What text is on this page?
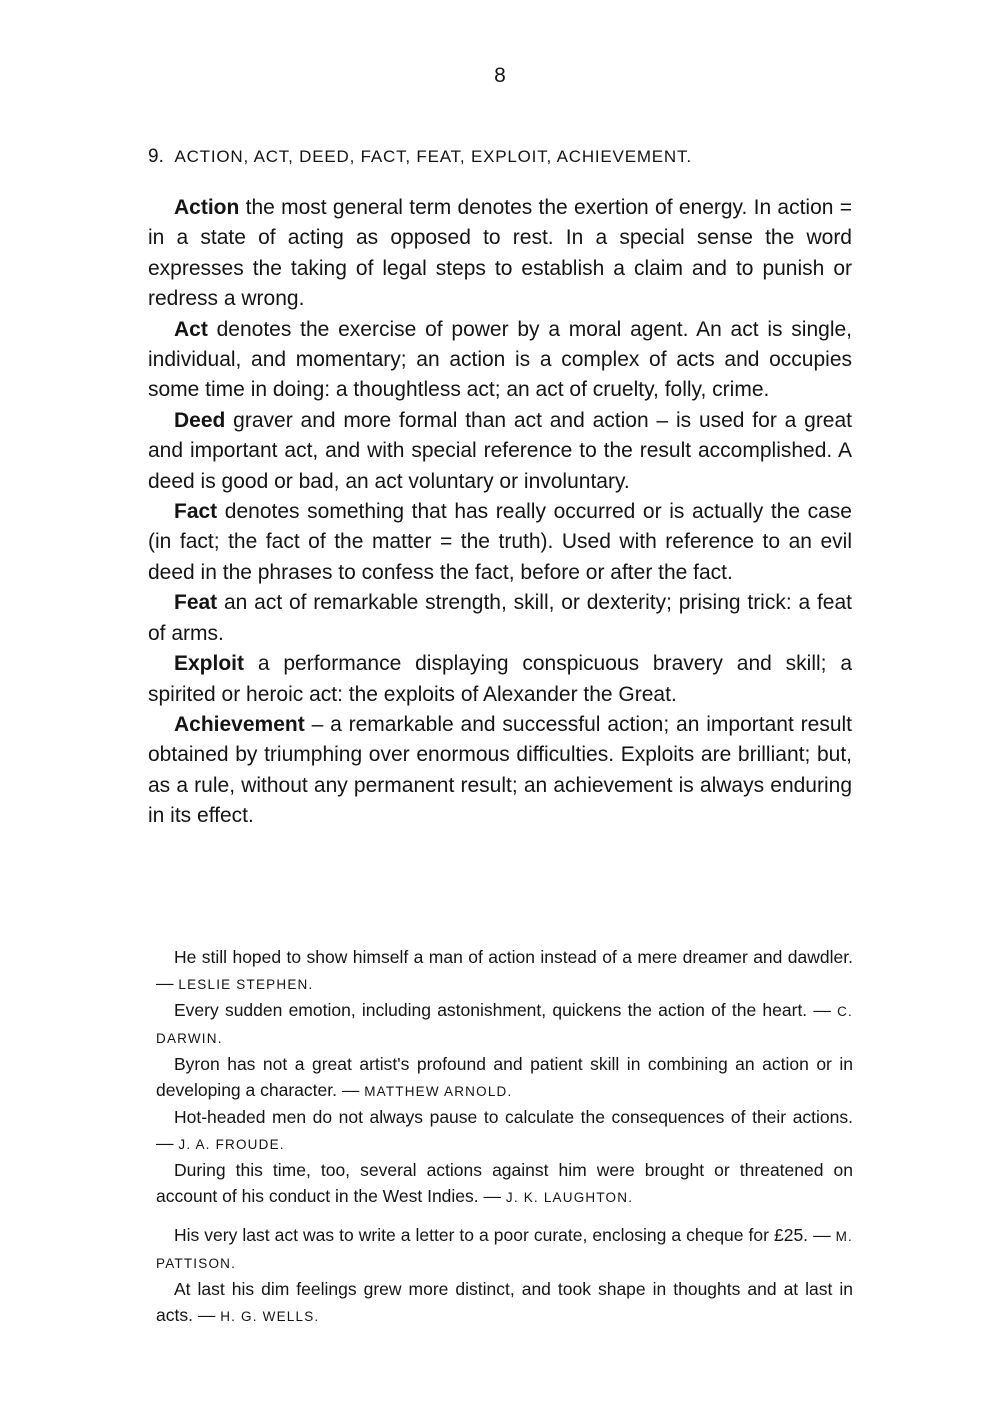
8
9. ACTION, ACT, DEED, FACT, FEAT, EXPLOIT, ACHIEVEMENT.

Action the most general term denotes the exertion of energy. In action = in a state of acting as opposed to rest. In a special sense the word expresses the taking of legal steps to establish a claim and to punish or redress a wrong.

Act denotes the exercise of power by a moral agent. An act is single, individual, and momentary; an action is a complex of acts and occupies some time in doing: a thoughtless act; an act of cruelty, folly, crime.

Deed graver and more formal than act and action – is used for a great and important act, and with special reference to the result accomplished. A deed is good or bad, an act voluntary or involuntary.

Fact denotes something that has really occurred or is actually the case (in fact; the fact of the matter = the truth). Used with reference to an evil deed in the phrases to confess the fact, before or after the fact.

Feat an act of remarkable strength, skill, or dexterity; prising trick: a feat of arms.

Exploit a performance displaying conspicuous bravery and skill; a spirited or heroic act: the exploits of Alexander the Great.

Achievement – a remarkable and successful action; an important result obtained by triumphing over enormous difficulties. Exploits are brilliant; but, as a rule, without any permanent result; an achievement is always enduring in its effect.

He still hoped to show himself a man of action instead of a mere dreamer and dawdler. — LESLIE STEPHEN.

Every sudden emotion, including astonishment, quickens the action of the heart. — C. DARWIN.

Byron has not a great artist's profound and patient skill in combining an action or in developing a character. — MATTHEW ARNOLD.

Hot-headed men do not always pause to calculate the consequences of their actions. — J. A. FROUDE.

During this time, too, several actions against him were brought or threatened on account of his conduct in the West Indies. — J. K. LAUGHTON.

His very last act was to write a letter to a poor curate, enclosing a cheque for £25. — M. PATTISON.

At last his dim feelings grew more distinct, and took shape in thoughts and at last in acts. — H. G. WELLS.
